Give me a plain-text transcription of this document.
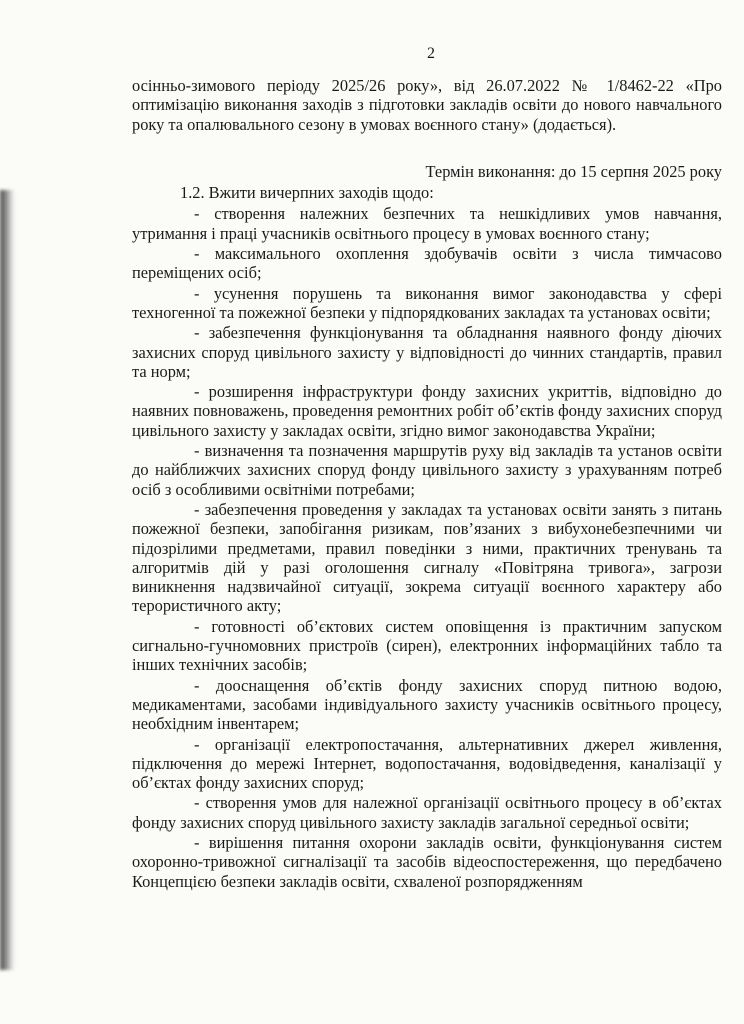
2

осінньо-зимового періоду 2025/26 року», від 26.07.2022 № 1/8462-22 «Про оптимізацію виконання заходів з підготовки закладів освіти до нового навчального року та опалювального сезону в умовах воєнного стану» (додається).

Термін виконання: до 15 серпня 2025 року

1.2. Вжити вичерпних заходів щодо:

- створення належних безпечних та нешкідливих умов навчання, утримання і праці учасників освітнього процесу в умовах воєнного стану;

- максимального охоплення здобувачів освіти з числа тимчасово переміщених осіб;

- усунення порушень та виконання вимог законодавства у сфері техногенної та пожежної безпеки у підпорядкованих закладах та установах освіти;

- забезпечення функціонування та обладнання наявного фонду діючих захисних споруд цивільного захисту у відповідності до чинних стандартів, правил та норм;

- розширення інфраструктури фонду захисних укриттів, відповідно до наявних повноважень, проведення ремонтних робіт об’єктів фонду захисних споруд цивільного захисту у закладах освіти, згідно вимог законодавства України;

- визначення та позначення маршрутів руху від закладів та установ освіти до найближчих захисних споруд фонду цивільного захисту з урахуванням потреб осіб з особливими освітніми потребами;

- забезпечення проведення у закладах та установах освіти занять з питань пожежної безпеки, запобігання ризикам, пов’язаних з вибухонебезпечними чи підозрілими предметами, правил поведінки з ними, практичних тренувань та алгоритмів дій у разі оголошення сигналу «Повітряна тривога», загрози виникнення надзвичайної ситуації, зокрема ситуації воєнного характеру або терористичного акту;

- готовності об’єктових систем оповіщення із практичним запуском сигнально-гучномовних пристроїв (сирен), електронних інформаційних табло та інших технічних засобів;

- дооснащення об’єктів фонду захисних споруд питною водою, медикаментами, засобами індивідуального захисту учасників освітнього процесу, необхідним інвентарем;

- організації електропостачання, альтернативних джерел живлення, підключення до мережі Інтернет, водопостачання, водовідведення, каналізації у об’єктах фонду захисних споруд;

- створення умов для належної організації освітнього процесу в об’єктах фонду захисних споруд цивільного захисту закладів загальної середньої освіти;

- вирішення питання охорони закладів освіти, функціонування систем охоронно-тривожної сигналізації та засобів відеоспостереження, що передбачено Концепцією безпеки закладів освіти, схваленої розпорядженням
